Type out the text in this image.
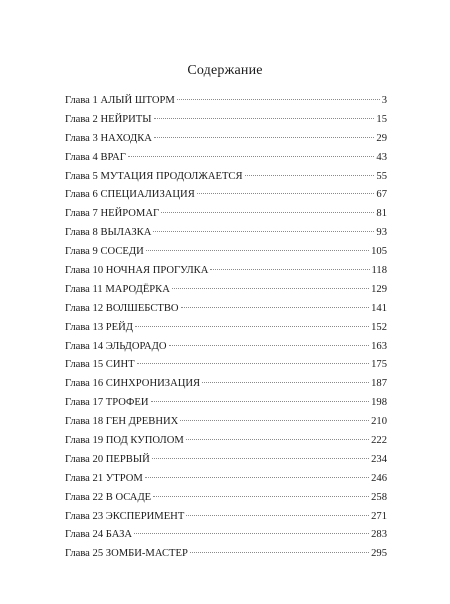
Содержание
Глава 1 АЛЫЙ ШТОРМ	3
Глава 2 НЕЙРИТЫ	15
Глава 3 НАХОДКА	29
Глава 4 ВРАГ	43
Глава 5 МУТАЦИЯ ПРОДОЛЖАЕТСЯ	55
Глава 6 СПЕЦИАЛИЗАЦИЯ	67
Глава 7 НЕЙРОМАГ	81
Глава 8 ВЫЛАЗКА	93
Глава 9 СОСЕДИ	105
Глава 10 НОЧНАЯ ПРОГУЛКА	118
Глава 11 МАРОДЁРКА	129
Глава 12 ВОЛШЕБСТВО	141
Глава 13 РЕЙД	152
Глава 14 ЭЛЬДОРАДО	163
Глава 15 СИНТ	175
Глава 16 СИНХРОНИЗАЦИЯ	187
Глава 17 ТРОФЕИ	198
Глава 18 ГЕН ДРЕВНИХ	210
Глава 19 ПОД КУПОЛОМ	222
Глава 20 ПЕРВЫЙ	234
Глава 21 УТРОМ	246
Глава 22 В ОСАДЕ	258
Глава 23 ЭКСПЕРИМЕНТ	271
Глава 24 БАЗА	283
Глава 25 ЗОМБИ-МАСТЕР	295
